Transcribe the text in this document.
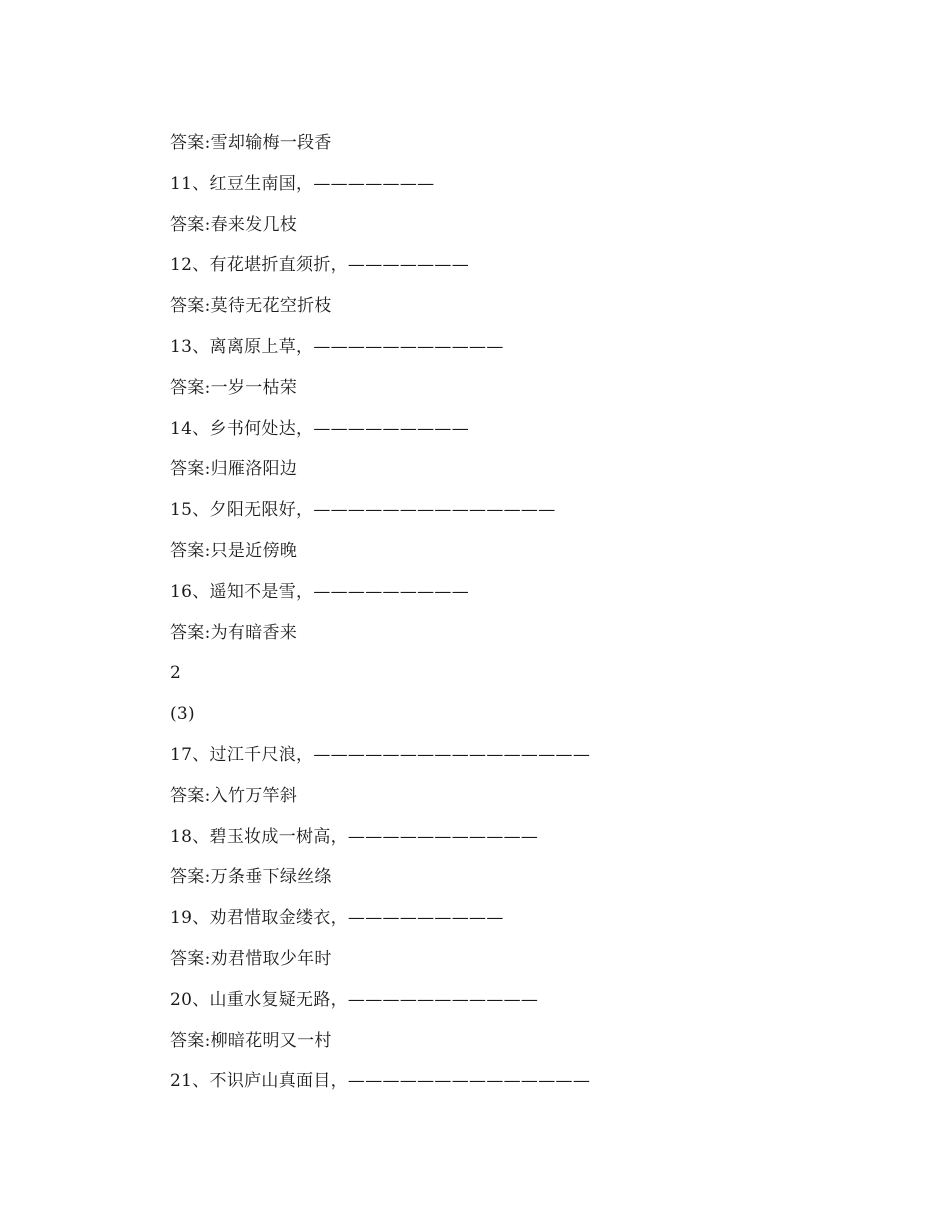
答案:雪却输梅一段香
11、红豆生南国，———————
答案:春来发几枝
12、有花堪折直须折，———————
答案:莫待无花空折枝
13、离离原上草，———————————
答案:一岁一枯荣
14、乡书何处达，—————————
答案:归雁洛阳边
15、夕阳无限好，——————————————
答案:只是近傍晚
16、遥知不是雪，—————————
答案:为有暗香来
2
(3)
17、过江千尺浪，————————————————
答案:入竹万竿斜
18、碧玉妆成一树高，———————————
答案:万条垂下绿丝绦
19、劝君惜取金缕衣，—————————
答案:劝君惜取少年时
20、山重水复疑无路，———————————
答案:柳暗花明又一村
21、不识庐山真面目，——————————————
